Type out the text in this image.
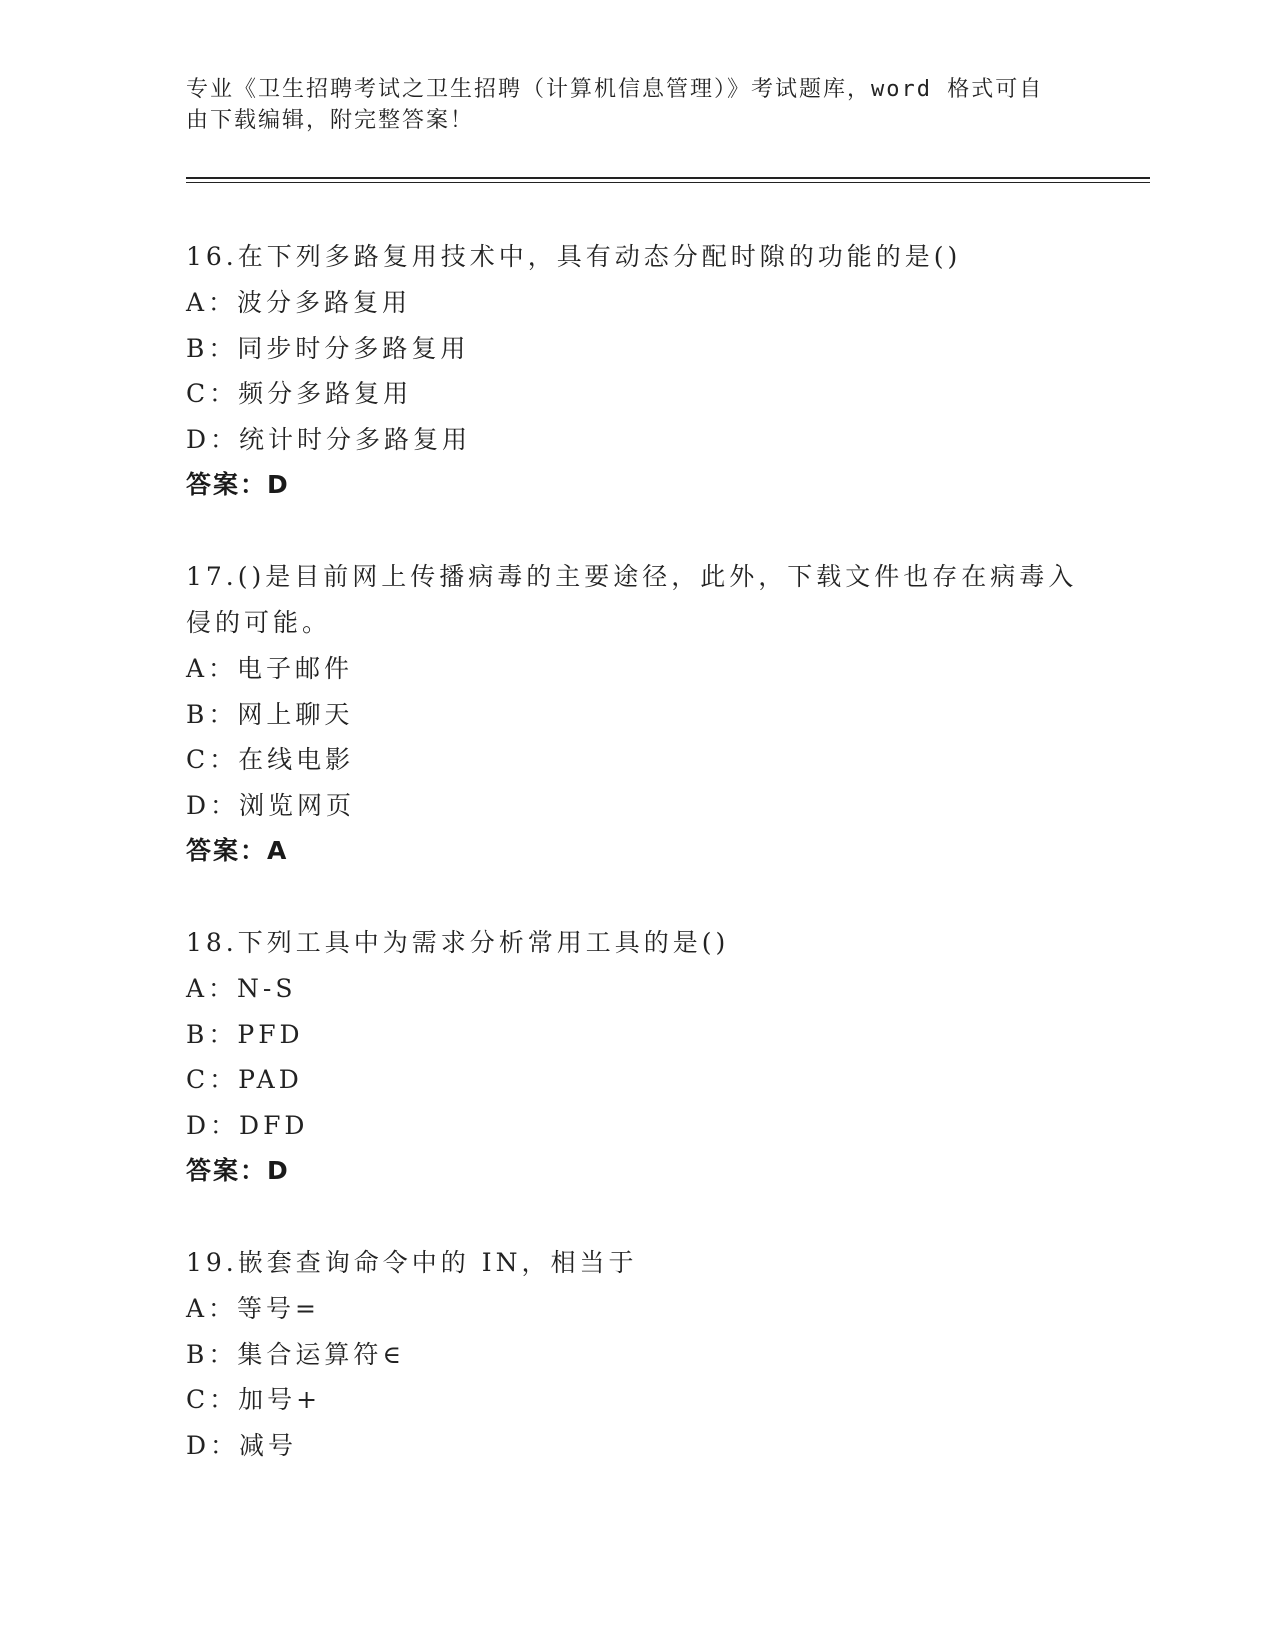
专业《卫生招聘考试之卫生招聘（计算机信息管理）》考试题库，word 格式可自由下载编辑，附完整答案！
16.在下列多路复用技术中，具有动态分配时隙的功能的是()
A：波分多路复用
B：同步时分多路复用
C：频分多路复用
D：统计时分多路复用
答案：D
17.()是目前网上传播病毒的主要途径，此外，下载文件也存在病毒入侵的可能。
A：电子邮件
B：网上聊天
C：在线电影
D：浏览网页
答案：A
18.下列工具中为需求分析常用工具的是()
A：N-S
B：PFD
C：PAD
D：DFD
答案：D
19.嵌套查询命令中的 IN，相当于
A：等号=
B：集合运算符∈
C：加号+
D：减号
